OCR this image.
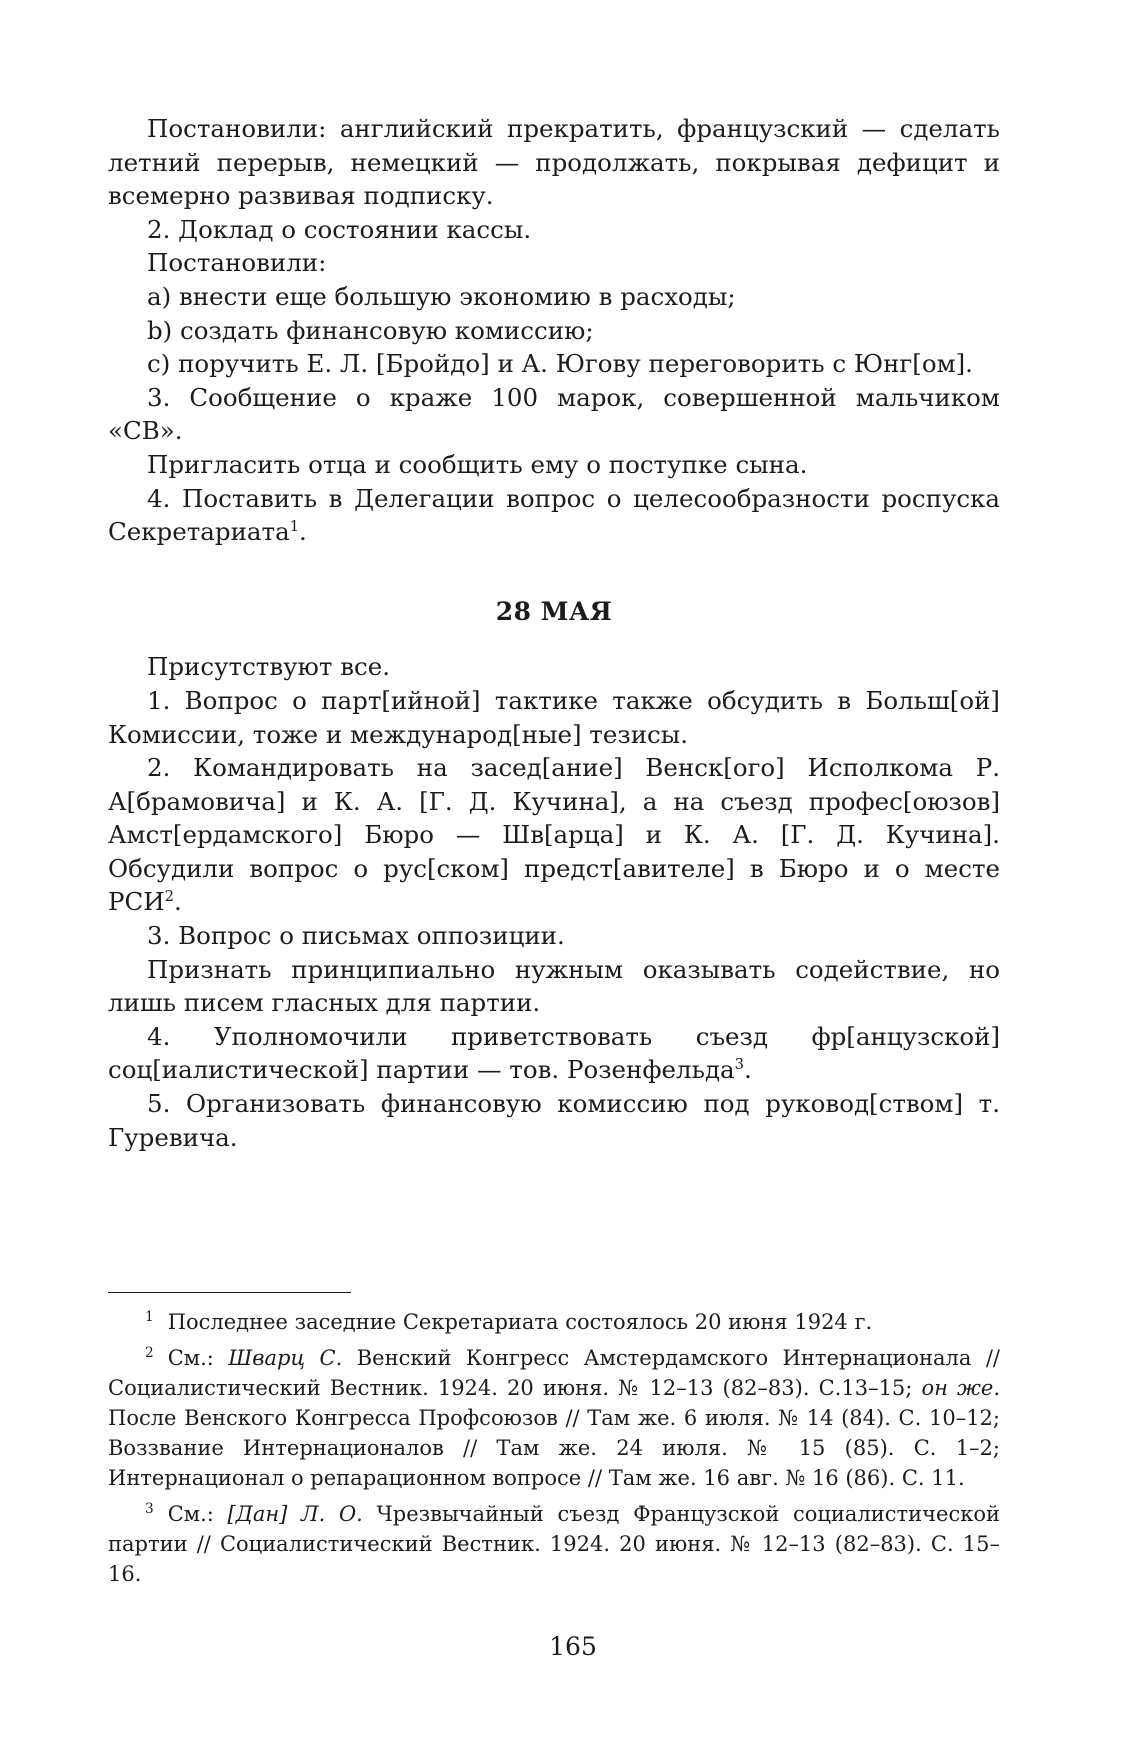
Постановили: английский прекратить, французский — сделать летний перерыв, немецкий — продолжать, покрывая дефицит и всемерно развивая подписку.

2. Доклад о состоянии кассы.

Постановили:

a) внести еще большую экономию в расходы;

b) создать финансовую комиссию;

c) поручить Е. Л. [Бройдо] и А. Югову переговорить с Юнг[ом].

3. Сообщение о краже 100 марок, совершенной мальчиком «СВ».

Пригласить отца и сообщить ему о поступке сына.

4. Поставить в Делегации вопрос о целесообразности роспуска Секретариата$^1$.

28 МАЯ

Присутствуют все.

1. Вопрос о парт[ийной] тактике также обсудить в Больш[ой] Комиссии, тоже и международ[ные] тезисы.

2. Командировать на засед[ание] Венск[ого] Исполкома Р. А[брамовича] и К. А. [Г. Д. Кучина], а на съезд профес[оюзов] Амст[ердамского] Бюро — Шв[арца] и К. А. [Г. Д. Кучина]. Обсудили вопрос о рус[ском] предст[авителе] в Бюро и о месте РСИ$^2$.

3. Вопрос о письмах оппозиции.

Признать принципиально нужным оказывать содействие, но лишь писем гласных для партии.

4. Уполномочили приветствовать съезд фр[анцузской] соц[иалистической] партии — тов. Розенфельда$^3$.

5. Организовать финансовую комиссию под руковод[ством] т. Гуревича.

$^1$ Последнее заседние Секретариата состоялось 20 июня 1924 г.

$^2$ См.: Шварц С. Венский Конгресс Амстердамского Интернационала // Социалистический Вестник. 1924. 20 июня. № 12–13 (82–83). С.13–15; он же. После Венского Конгресса Профсоюзов // Там же. 6 июля. № 14 (84). С. 10–12; Воззвание Интернационалов // Там же. 24 июля. № 15 (85). С. 1–2; Интернационал о репарационном вопросе // Там же. 16 авг. № 16 (86). С. 11.

$^3$ См.: [Дан] Л. О. Чрезвычайный съезд Французской социалистической партии // Социалистический Вестник. 1924. 20 июня. № 12–13 (82–83). С. 15–16.

165
